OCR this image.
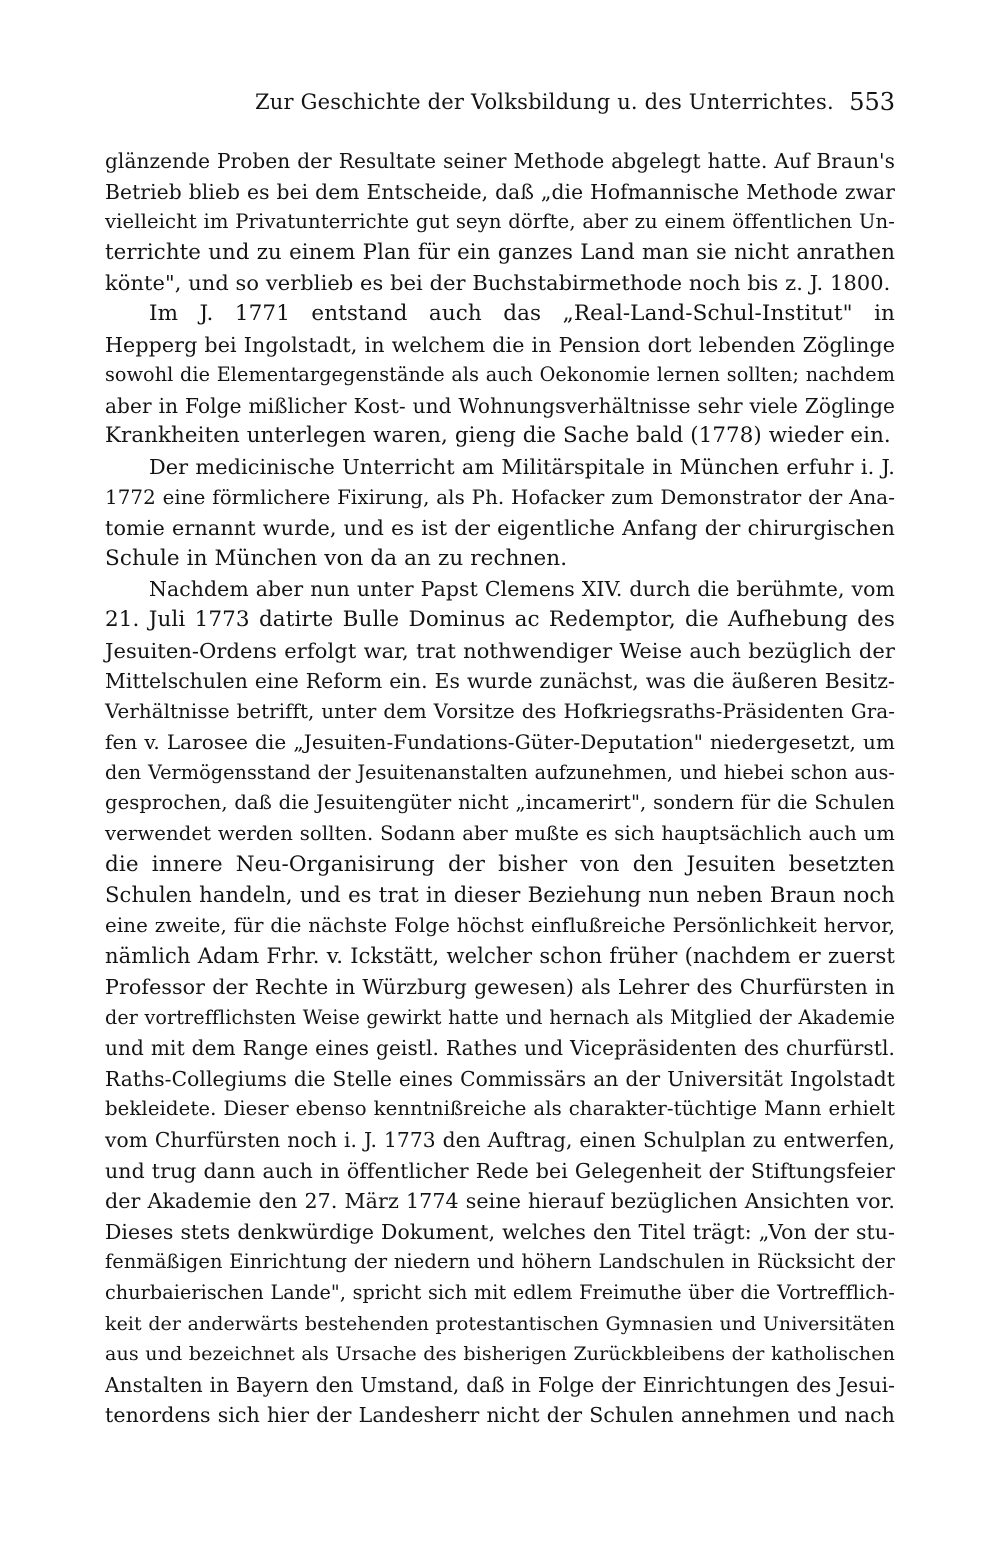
Zur Geschichte der Volksbildung u. des Unterrichtes. 553
glänzende Proben der Resultate seiner Methode abgelegt hatte. Auf Braun's
Betrieb blieb es bei dem Entscheide, daß „die Hofmannische Methode zwar
vielleicht im Privatunterrichte gut seyn dörfte, aber zu einem öffentlichen Un-
terrichte und zu einem Plan für ein ganzes Land man sie nicht anrathen
könte", und so verblieb es bei der Buchstabirmethode noch bis z. J. 1800.
Im J. 1771 entstand auch das „Real-Land-Schul-Institut" in
Hepperg bei Ingolstadt, in welchem die in Pension dort lebenden Zöglinge
sowohl die Elementargegenstände als auch Oekonomie lernen sollten; nachdem
aber in Folge mißlicher Kost- und Wohnungsverhältnisse sehr viele Zöglinge
Krankheiten unterlegen waren, gieng die Sache bald (1778) wieder ein.
Der medicinische Unterricht am Militärspitale in München erfuhr i. J.
1772 eine förmlichere Fixirung, als Ph. Hofacker zum Demonstrator der Ana-
tomie ernannt wurde, und es ist der eigentliche Anfang der chirurgischen
Schule in München von da an zu rechnen.
Nachdem aber nun unter Papst Clemens XIV. durch die berühmte, vom
21. Juli 1773 datirte Bulle Dominus ac Redemptor, die Aufhebung des
Jesuiten-Ordens erfolgt war, trat nothwendiger Weise auch bezüglich der
Mittelschulen eine Reform ein. Es wurde zunächst, was die äußeren Besitz-
Verhältnisse betrifft, unter dem Vorsitze des Hofkriegsraths-Präsidenten Gra-
fen v. Larosee die „Jesuiten-Fundations-Güter-Deputation" niedergesetzt, um
den Vermögensstand der Jesuitenanstalten aufzunehmen, und hiebei schon aus-
gesprochen, daß die Jesuitengüter nicht „incamerirt", sondern für die Schulen
verwendet werden sollten. Sodann aber mußte es sich hauptsächlich auch um
die innere Neu-Organisirung der bisher von den Jesuiten besetzten
Schulen handeln, und es trat in dieser Beziehung nun neben Braun noch
eine zweite, für die nächste Folge höchst einflußreiche Persönlichkeit hervor,
nämlich Adam Frhr. v. Ickstätt, welcher schon früher (nachdem er zuerst
Professor der Rechte in Würzburg gewesen) als Lehrer des Churfürsten in
der vortrefflichsten Weise gewirkt hatte und hernach als Mitglied der Akademie
und mit dem Range eines geistl. Rathes und Vicepräsidenten des churfürstl.
Raths-Collegiums die Stelle eines Commissärs an der Universität Ingolstadt
bekleidete. Dieser ebenso kenntnißreiche als charakter-tüchtige Mann erhielt
vom Churfürsten noch i. J. 1773 den Auftrag, einen Schulplan zu entwerfen,
und trug dann auch in öffentlicher Rede bei Gelegenheit der Stiftungsfeier
der Akademie den 27. März 1774 seine hierauf bezüglichen Ansichten vor.
Dieses stets denkwürdige Dokument, welches den Titel trägt: „Von der stu-
fenmäßigen Einrichtung der niedern und höhern Landschulen in Rücksicht der
churbaierischen Lande", spricht sich mit edlem Freimuthe über die Vortrefflich-
keit der anderwärts bestehenden protestantischen Gymnasien und Universitäten
aus und bezeichnet als Ursache des bisherigen Zurückbleibens der katholischen
Anstalten in Bayern den Umstand, daß in Folge der Einrichtungen des Jesui-
tenordens sich hier der Landesherr nicht der Schulen annehmen und nach
